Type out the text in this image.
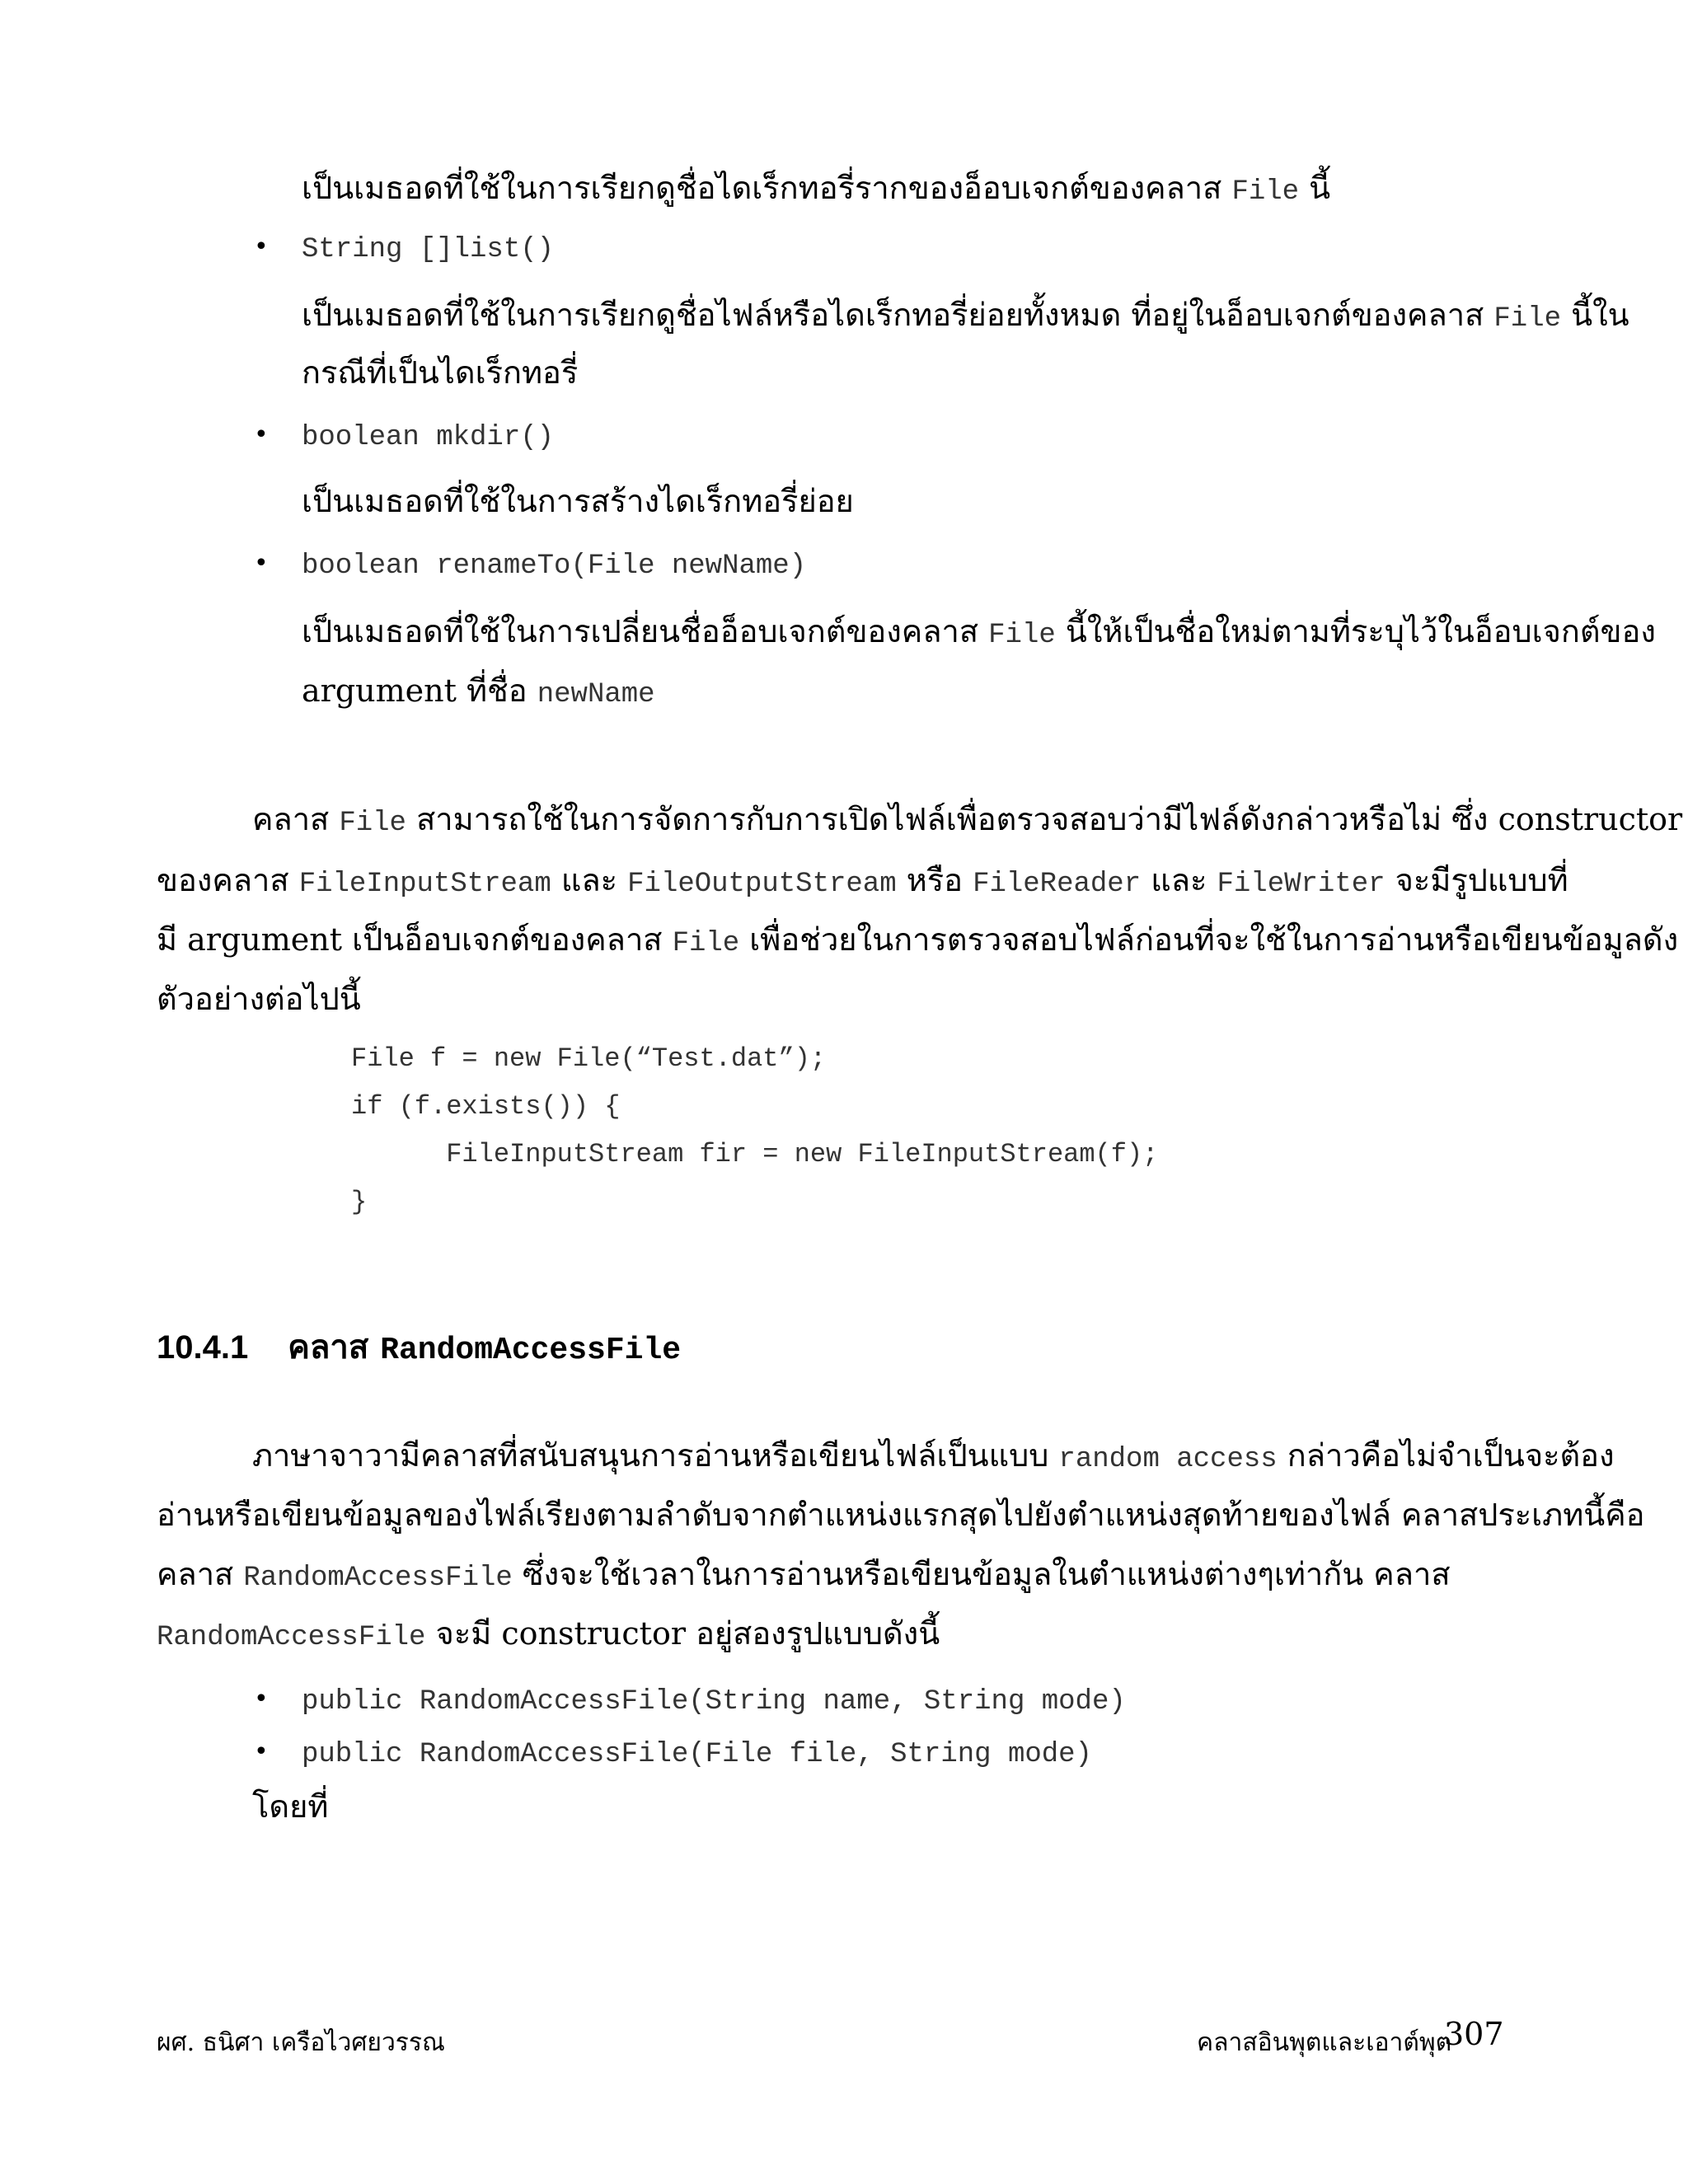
เป็นเมธอดที่ใช้ในการเรียกดูชื่อไดเร็กทอรี่รากของอ็อบเจกต์ของคลาส File นี้
• String []list()
เป็นเมธอดที่ใช้ในการเรียกดูชื่อไฟล์หรือไดเร็กทอรี่ย่อยทั้งหมด ที่อยู่ในอ็อบเจกต์ของคลาส File นี้ใน
กรณีที่เป็นไดเร็กทอรี่
• boolean mkdir()
เป็นเมธอดที่ใช้ในการสร้างไดเร็กทอรี่ย่อย
• boolean renameTo(File newName)
เป็นเมธอดที่ใช้ในการเปลี่ยนชื่ออ็อบเจกต์ของคลาส File นี้ให้เป็นชื่อใหม่ตามที่ระบุไว้ในอ็อบเจกต์ของ
argument ที่ชื่อ newName
คลาส File สามารถใช้ในการจัดการกับการเปิดไฟล์เพื่อตรวจสอบว่ามีไฟล์ดังกล่าวหรือไม่ ซึ่ง constructor
ของคลาส FileInputStream และ FileOutputStream หรือ FileReader และ FileWriter จะมีรูปแบบที่
มี argument เป็นอ็อบเจกต์ของคลาส File เพื่อช่วยในการตรวจสอบไฟล์ก่อนที่จะใช้ในการอ่านหรือเขียนข้อมูลดัง
ตัวอย่างต่อไปนี้
File f = new File(“Test.dat”);
if (f.exists()) {
FileInputStream fir = new FileInputStream(f);
}
10.4.1 คลาส RandomAccessFile
ภาษาจาวามีคลาสที่สนับสนุนการอ่านหรือเขียนไฟล์เป็นแบบ random access กล่าวคือไม่จำเป็นจะต้อง
อ่านหรือเขียนข้อมูลของไฟล์เรียงตามลำดับจากตำแหน่งแรกสุดไปยังตำแหน่งสุดท้ายของไฟล์ คลาสประเภทนี้คือ
คลาส RandomAccessFile ซึ่งจะใช้เวลาในการอ่านหรือเขียนข้อมูลในตำแหน่งต่างๆเท่ากัน คลาส
RandomAccessFile จะมี constructor อยู่สองรูปแบบดังนี้
• public RandomAccessFile(String name, String mode)
• public RandomAccessFile(File file, String mode)
โดยที่
ผศ. ธนิศา เครือไวศยวรรณ	คลาสอินพุตและเอาต์พุต
307
